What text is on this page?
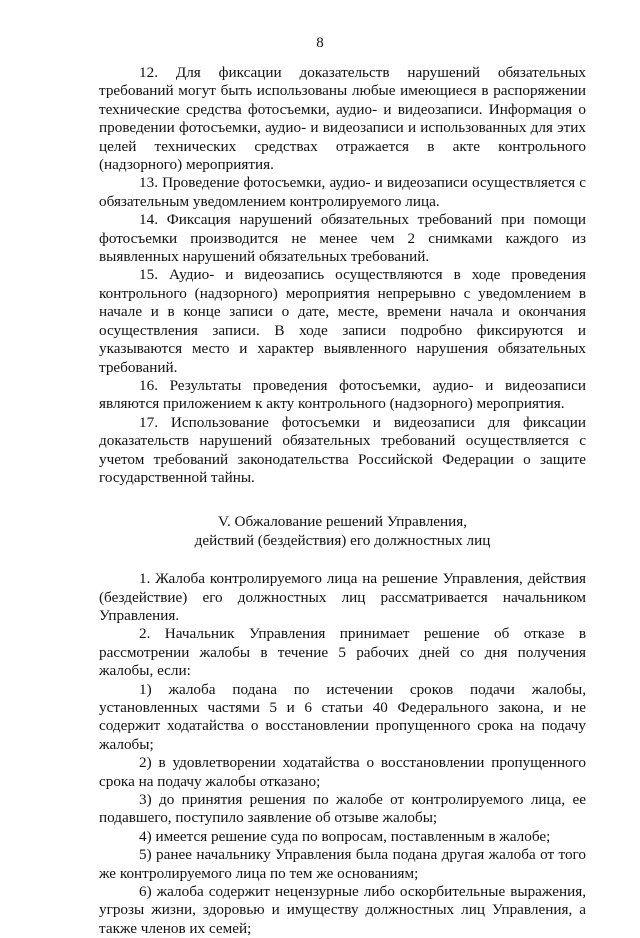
8

12. Для фиксации доказательств нарушений обязательных требований могут быть использованы любые имеющиеся в распоряжении технические средства фотосъемки, аудио- и видеозаписи. Информация о проведении фотосъемки, аудио- и видеозаписи и использованных для этих целей технических средствах отражается в акте контрольного (надзорного) мероприятия.

13. Проведение фотосъемки, аудио- и видеозаписи осуществляется с обязательным уведомлением контролируемого лица.

14. Фиксация нарушений обязательных требований при помощи фотосъемки производится не менее чем 2 снимками каждого из выявленных нарушений обязательных требований.

15. Аудио- и видеозапись осуществляются в ходе проведения контрольного (надзорного) мероприятия непрерывно с уведомлением в начале и в конце записи о дате, месте, времени начала и окончания осуществления записи. В ходе записи подробно фиксируются и указываются место и характер выявленного нарушения обязательных требований.

16. Результаты проведения фотосъемки, аудио- и видеозаписи являются приложением к акту контрольного (надзорного) мероприятия.

17. Использование фотосъемки и видеозаписи для фиксации доказательств нарушений обязательных требований осуществляется с учетом требований законодательства Российской Федерации о защите государственной тайны.

V. Обжалование решений Управления,
действий (бездействия) его должностных лиц

1. Жалоба контролируемого лица на решение Управления, действия (бездействие) его должностных лиц рассматривается начальником Управления.

2. Начальник Управления принимает решение об отказе в рассмотрении жалобы в течение 5 рабочих дней со дня получения жалобы, если:

1) жалоба подана по истечении сроков подачи жалобы, установленных частями 5 и 6 статьи 40 Федерального закона, и не содержит ходатайства о восстановлении пропущенного срока на подачу жалобы;

2) в удовлетворении ходатайства о восстановлении пропущенного срока на подачу жалобы отказано;

3) до принятия решения по жалобе от контролируемого лица, ее подавшего, поступило заявление об отзыве жалобы;

4) имеется решение суда по вопросам, поставленным в жалобе;

5) ранее начальнику Управления была подана другая жалоба от того же контролируемого лица по тем же основаниям;

6) жалоба содержит нецензурные либо оскорбительные выражения, угрозы жизни, здоровью и имуществу должностных лиц Управления, а также членов их семей;
